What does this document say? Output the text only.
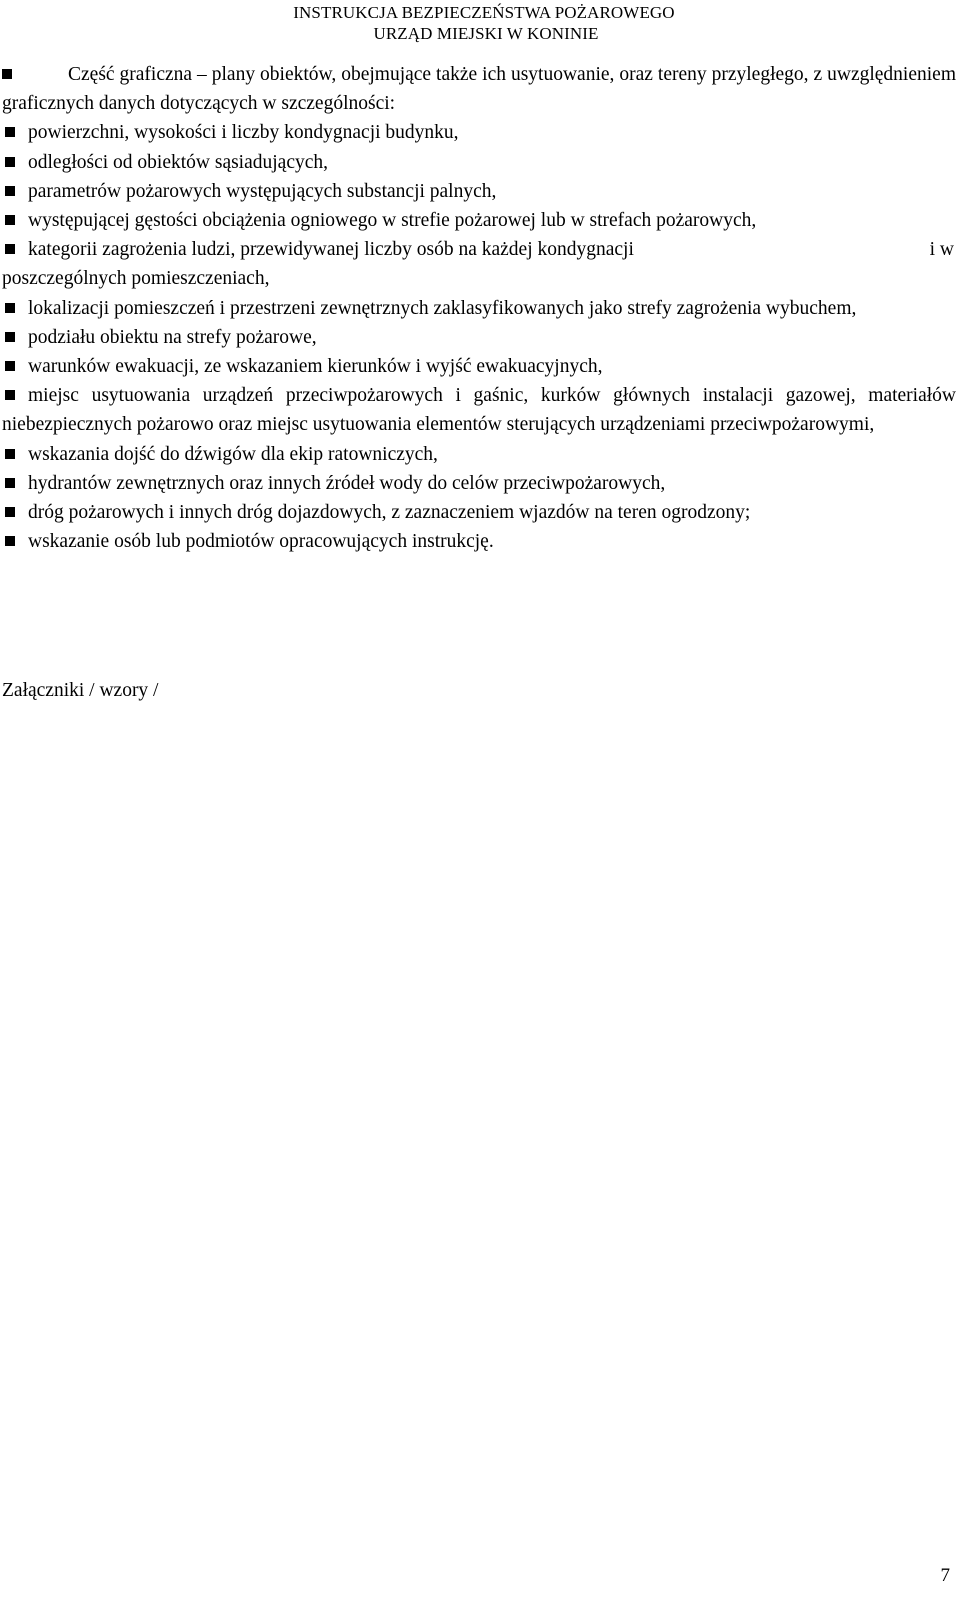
INSTRUKCJA BEZPIECZEŃSTWA POŻAROWEGO
URZĄD MIEJSKI W KONINIE

Część graficzna – plany obiektów, obejmujące także ich usytuowanie, oraz tereny przyległego, z uwzględnieniem graficznych danych dotyczących w szczególności:

powierzchni, wysokości i liczby kondygnacji budynku,

odległości od obiektów sąsiadujących,

parametrów pożarowych występujących substancji palnych,

występującej gęstości obciążenia ogniowego w strefie pożarowej lub w strefach pożarowych,

kategorii zagrożenia ludzi, przewidywanej liczby osób na każdej kondygnacji	i w
poszczególnych pomieszczeniach,

lokalizacji pomieszczeń i przestrzeni zewnętrznych zaklasyfikowanych jako strefy zagrożenia wybuchem,

podziału obiektu na strefy pożarowe,

warunków ewakuacji, ze wskazaniem kierunków i wyjść ewakuacyjnych,

miejsc usytuowania urządzeń przeciwpożarowych i gaśnic, kurków głównych instalacji gazowej, materiałów niebezpiecznych pożarowo oraz miejsc usytuowania elementów sterujących urządzeniami przeciwpożarowymi,

wskazania dojść do dźwigów dla ekip ratowniczych,

hydrantów zewnętrznych oraz innych źródeł wody do celów przeciwpożarowych,

dróg pożarowych i innych dróg dojazdowych, z zaznaczeniem wjazdów na teren ogrodzony;

wskazanie osób lub podmiotów opracowujących instrukcję.

Załączniki / wzory /
7
